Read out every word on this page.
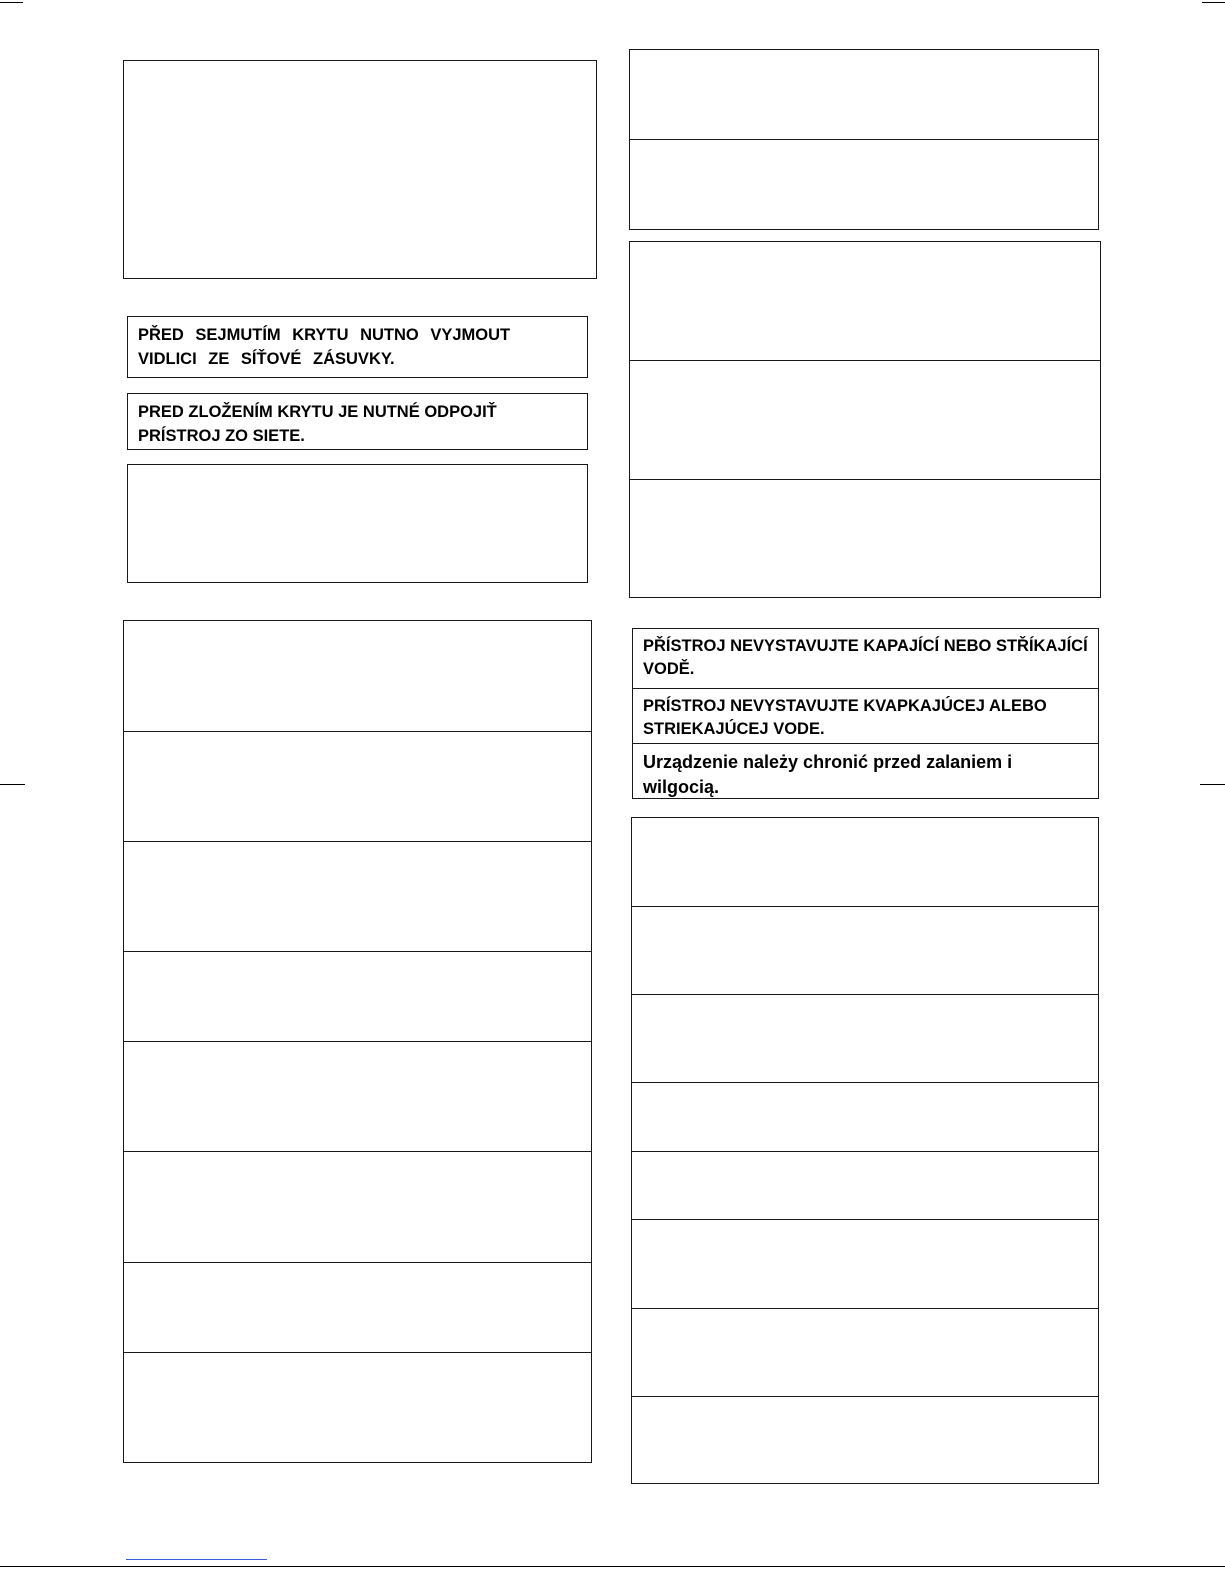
PŘED SEJMUTÍM KRYTU NUTNO VYJMOUT VIDLICI ZE SÍŤOVÉ ZÁSUVKY.
PRED ZLOŽENÍM KRYTU JE NUTNÉ ODPOJIŤ PRÍSTROJ ZO SIETE.
PŘÍSTROJ NEVYSTAVUJTE KAPAJÍCÍ NEBO STŘÍKAJÍCÍ VODĚ.
PRÍSTROJ NEVYSTAVUJTE KVAPKAJÚCEJ ALEBO STRIEKAJÚCEJ VODE.
Urządzenie należy chronić przed zalaniem i wilgocią.
